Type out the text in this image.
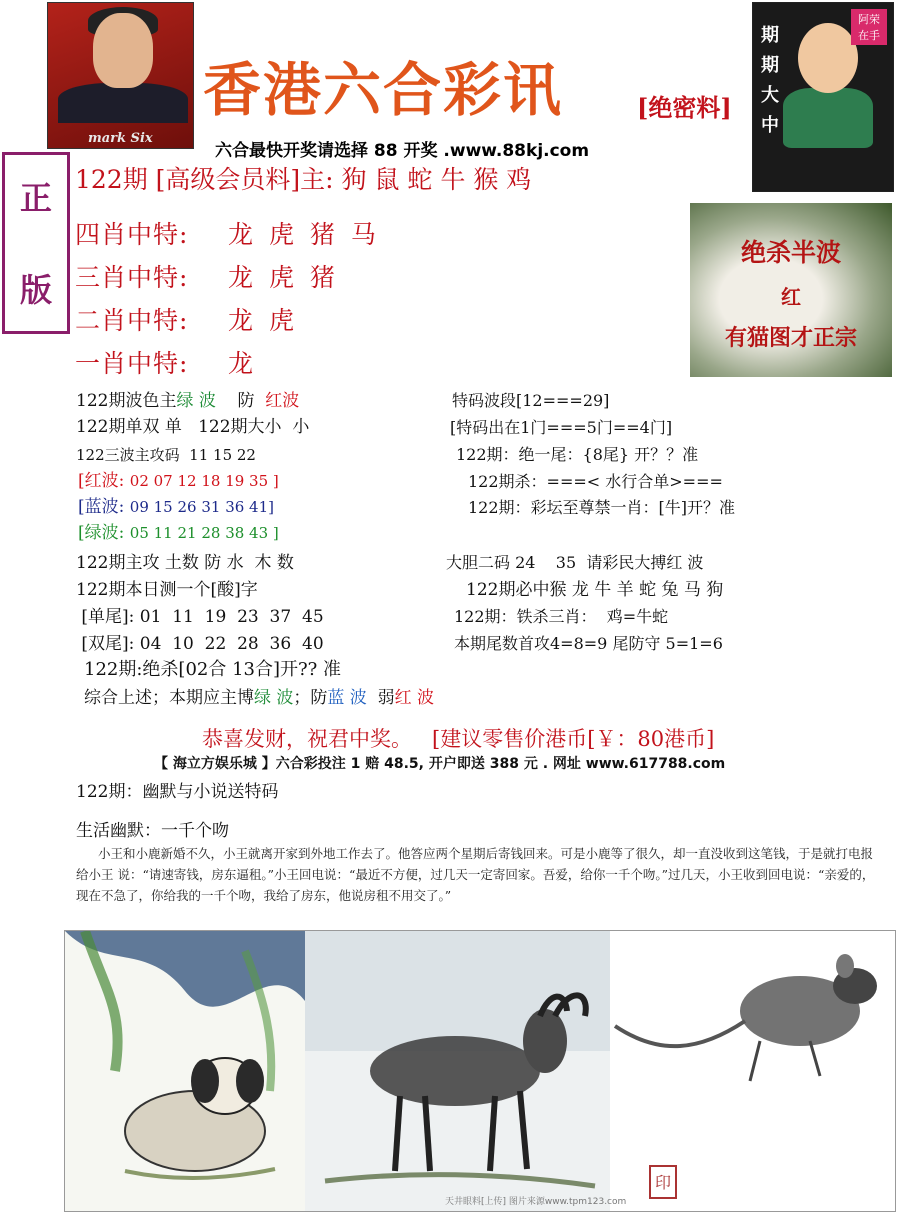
mark Six
期
期
大
中
阿荣 在手
香港六合彩讯	[绝密料]
六合最快开奖请选择 88 开奖 .www.88kj.com
正
版
122期 [高级会员料]主: 狗 鼠 蛇 牛 猴 鸡
四肖中特: 龙 虎 猪 马
三肖中特: 龙 虎 猪
二肖中特: 龙 虎
一肖中特: 龙
绝杀半波
红
有猫图才正宗
122期波色主绿 波 防 红波
122期单双 单   122期大小  小
122三波主攻码  11 15 22
[红波: 02 07 12 18 19 35 ]
[蓝波: 09 15 26 31 36 41]
[绿波: 05 11 21 28 38 43 ]
122期主攻 土数 防 水  木 数
122期本日测一个[酸]字
[单尾]: 01  11  19  23  37  45
[双尾]: 04  10  22  28  36  40
122期:绝杀[02合 13合]开?? 准
综合上述；本期应主博绿 波；防蓝 波 弱红 波
特码波段[12===29]
[特码出在1门===5门==4门]
122期：绝一尾：{8尾} 开？？准
122期杀：===< 水行合单>===
122期：彩坛至尊禁一肖：[牛]开？准
大胆二码 24    35  请彩民大搏红 波
122期必中猴 龙 牛 羊 蛇 兔 马 狗
122期：铁杀三肖：  鸡=牛蛇
本期尾数首攻4=8=9 尾防守 5=1=6
恭喜发财，祝君中奖。   [建议零售价港币[￥：80港币]
【 海立方娱乐城 】六合彩投注 1 赔 48.5, 开户即送 388 元 . 网址 www.617788.com
122期：幽默与小说送特码
生活幽默：一千个吻
小王和小鹿新婚不久，小王就离开家到外地工作去了。他答应两个星期后寄钱回来。可是小鹿等了很久，却一直没收到这笔钱，于是就打电报给小王 说：“请速寄钱，房东逼租。”小王回电说：“最近不方便，过几天一定寄回家。吾爱，给你一千个吻。”过几天，小王收到回电说：“亲爱的，现在不急了，你给我的一千个吻，我给了房东，他说房租不用交了。”
印
天井眼料[上传] 图片来源www.tpm123.com
